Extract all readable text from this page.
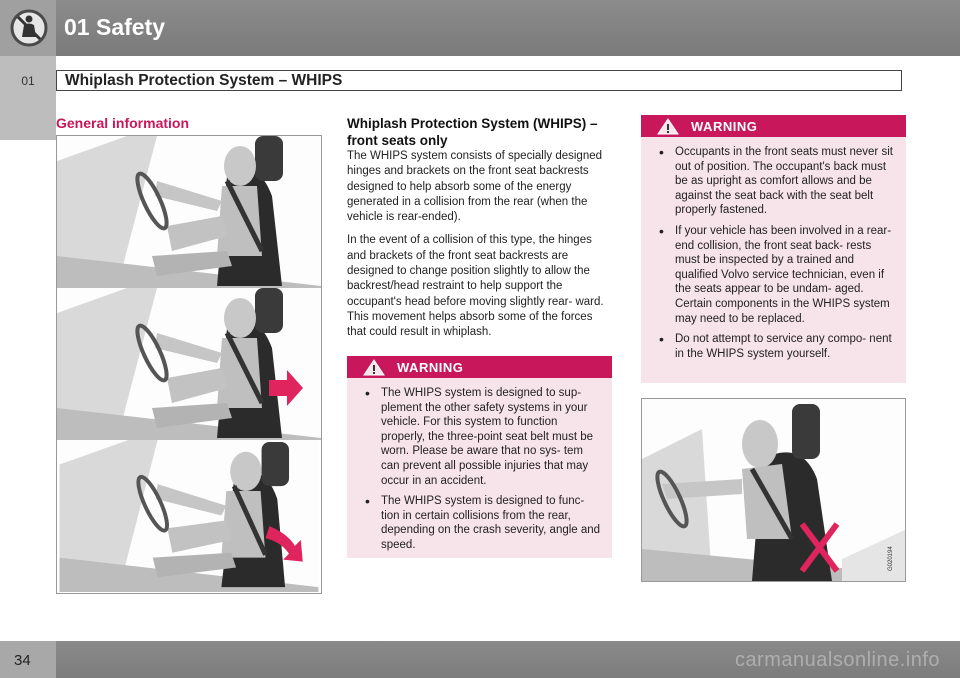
01 Safety
01	Whiplash Protection System – WHIPS
General information	Whiplash Protection System (WHIPS) – front seats only

The WHIPS system consists of specially designed hinges and brackets on the front seat backrests designed to help absorb some of the energy generated in a collision from the rear (when the vehicle is rear-ended).

In the event of a collision of this type, the hinges and brackets of the front seat backrests are designed to change position slightly to allow the backrest/head restraint to help support the occupant's head before moving slightly rear- ward. This movement helps absorb some of the forces that could result in whiplash.

WARNING
• The WHIPS system is designed to sup- plement the other safety systems in your vehicle. For this system to function properly, the three-point seat belt must be worn. Please be aware that no sys- tem can prevent all possible injuries that may occur in an accident.
• The WHIPS system is designed to func- tion in certain collisions from the rear, depending on the crash severity, angle and speed.
WARNING
• Occupants in the front seats must never sit out of position. The occupant's back must be as upright as comfort allows and be against the seat back with the seat belt properly fastened.
• If your vehicle has been involved in a rear-end collision, the front seat back- rests must be inspected by a trained and qualified Volvo service technician, even if the seats appear to be undam- aged. Certain components in the WHIPS system may need to be replaced.
• Do not attempt to service any compo- nent in the WHIPS system yourself.
G020194
34	carmanualsonline.info
